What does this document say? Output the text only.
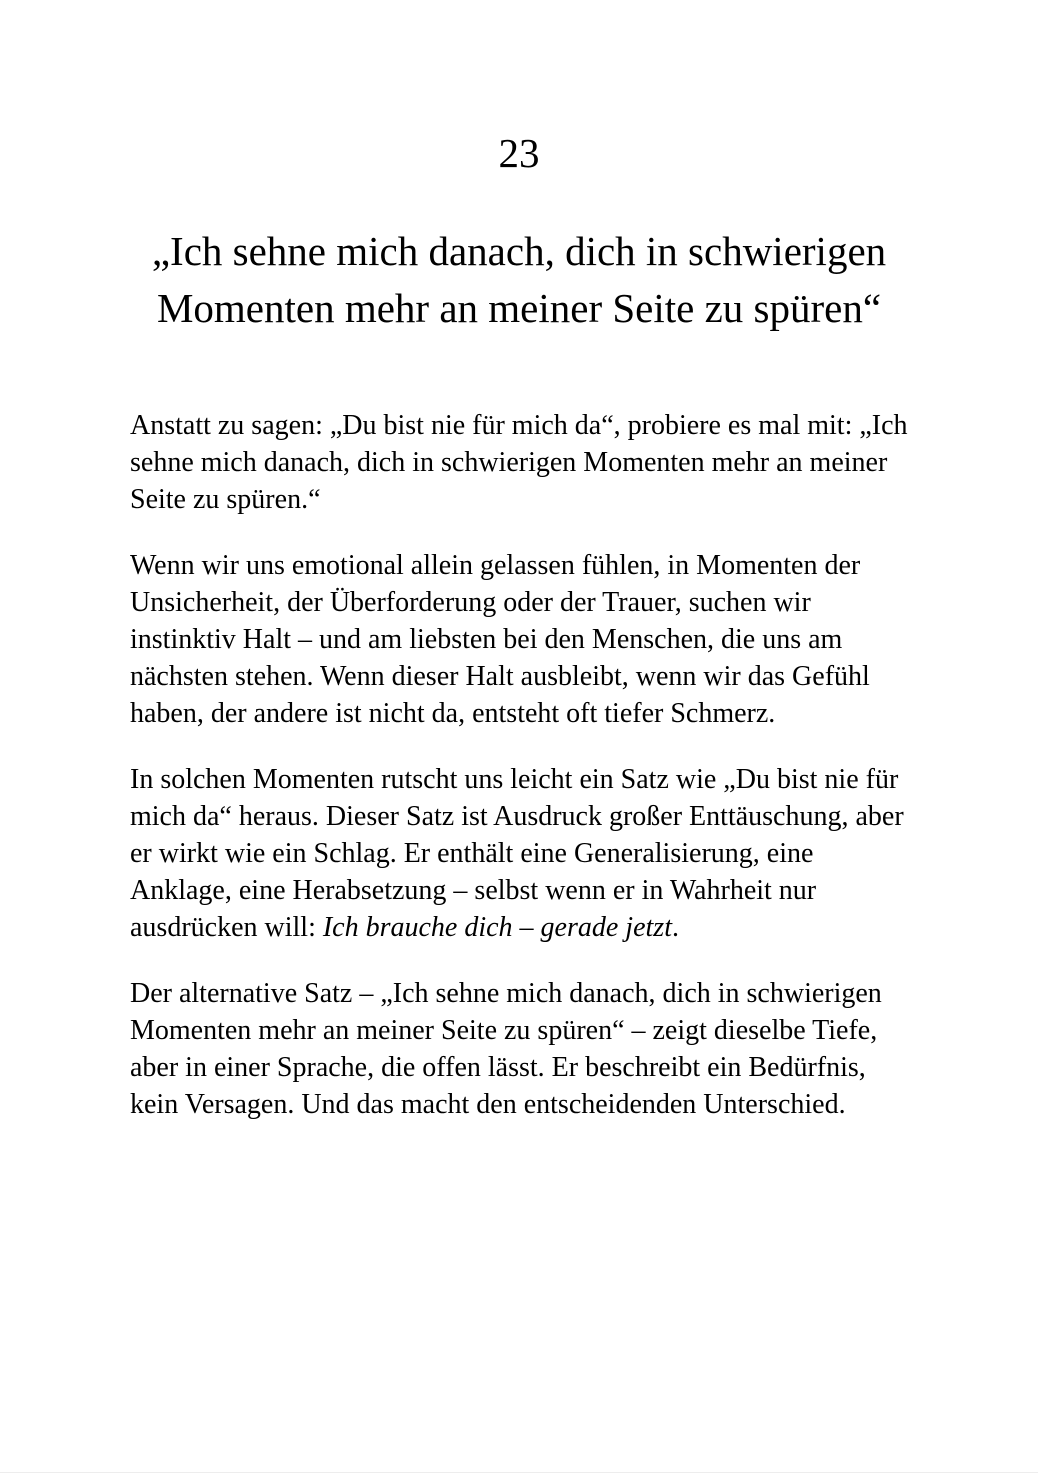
23
„Ich sehne mich danach, dich in schwierigen Momenten mehr an meiner Seite zu spüren“

Anstatt zu sagen: „Du bist nie für mich da“, probiere es mal mit: „Ich sehne mich danach, dich in schwierigen Momenten mehr an meiner Seite zu spüren.“

Wenn wir uns emotional allein gelassen fühlen, in Momenten der Unsicherheit, der Überforderung oder der Trauer, suchen wir instinktiv Halt – und am liebsten bei den Menschen, die uns am nächsten stehen. Wenn dieser Halt ausbleibt, wenn wir das Gefühl haben, der andere ist nicht da, entsteht oft tiefer Schmerz.

In solchen Momenten rutscht uns leicht ein Satz wie „Du bist nie für mich da“ heraus. Dieser Satz ist Ausdruck großer Enttäuschung, aber er wirkt wie ein Schlag. Er enthält eine Generalisierung, eine Anklage, eine Herabsetzung – selbst wenn er in Wahrheit nur ausdrücken will: Ich brauche dich – gerade jetzt.

Der alternative Satz – „Ich sehne mich danach, dich in schwierigen Momenten mehr an meiner Seite zu spüren“ – zeigt dieselbe Tiefe, aber in einer Sprache, die offen lässt. Er beschreibt ein Bedürfnis, kein Versagen. Und das macht den entscheidenden Unterschied.
